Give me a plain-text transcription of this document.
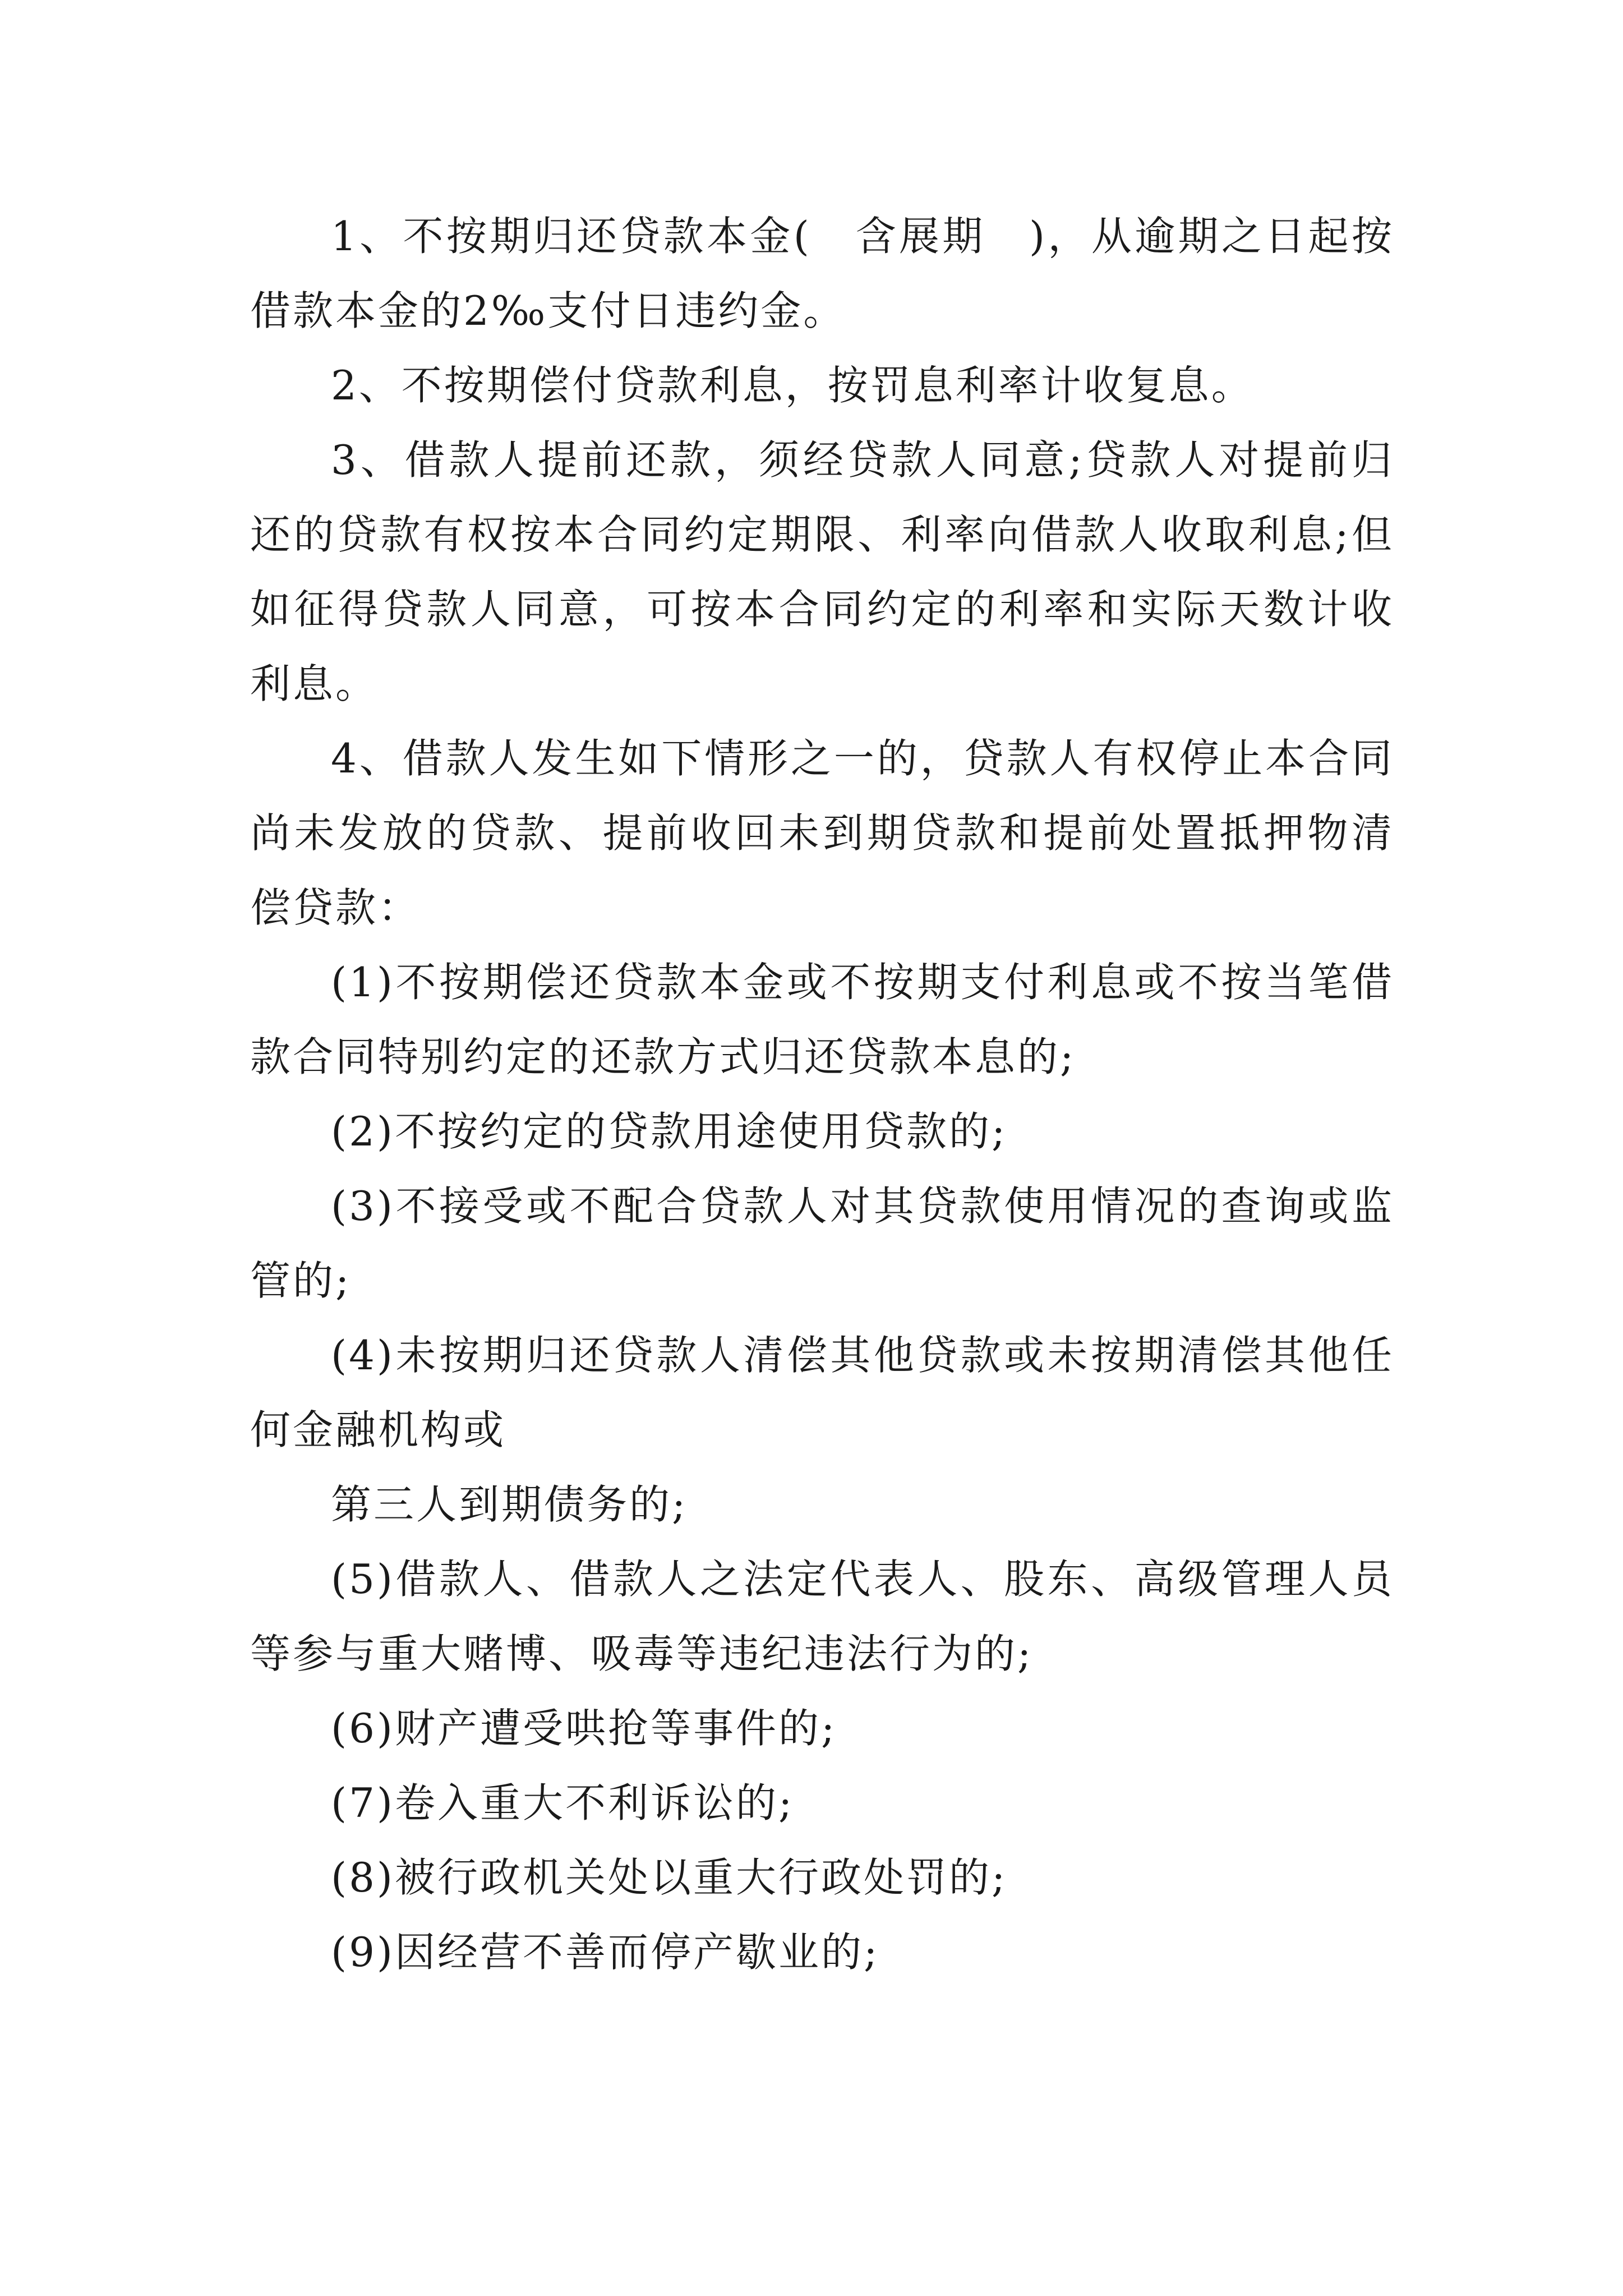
1、不按期归还贷款本金(　含展期　)，从逾期之日起按借款本金的2‰支付日违约金。

2、不按期偿付贷款利息，按罚息利率计收复息。

3、借款人提前还款，须经贷款人同意;贷款人对提前归还的贷款有权按本合同约定期限、利率向借款人收取利息;但如征得贷款人同意，可按本合同约定的利率和实际天数计收利息。

4、借款人发生如下情形之一的，贷款人有权停止本合同尚未发放的贷款、提前收回未到期贷款和提前处置抵押物清偿贷款：

(1)不按期偿还贷款本金或不按期支付利息或不按当笔借款合同特别约定的还款方式归还贷款本息的;

(2)不按约定的贷款用途使用贷款的;

(3)不接受或不配合贷款人对其贷款使用情况的查询或监管的;

(4)未按期归还贷款人清偿其他贷款或未按期清偿其他任何金融机构或

第三人到期债务的;

(5)借款人、借款人之法定代表人、股东、高级管理人员等参与重大赌博、吸毒等违纪违法行为的;

(6)财产遭受哄抢等事件的;

(7)卷入重大不利诉讼的;

(8)被行政机关处以重大行政处罚的;

(9)因经营不善而停产歇业的;
